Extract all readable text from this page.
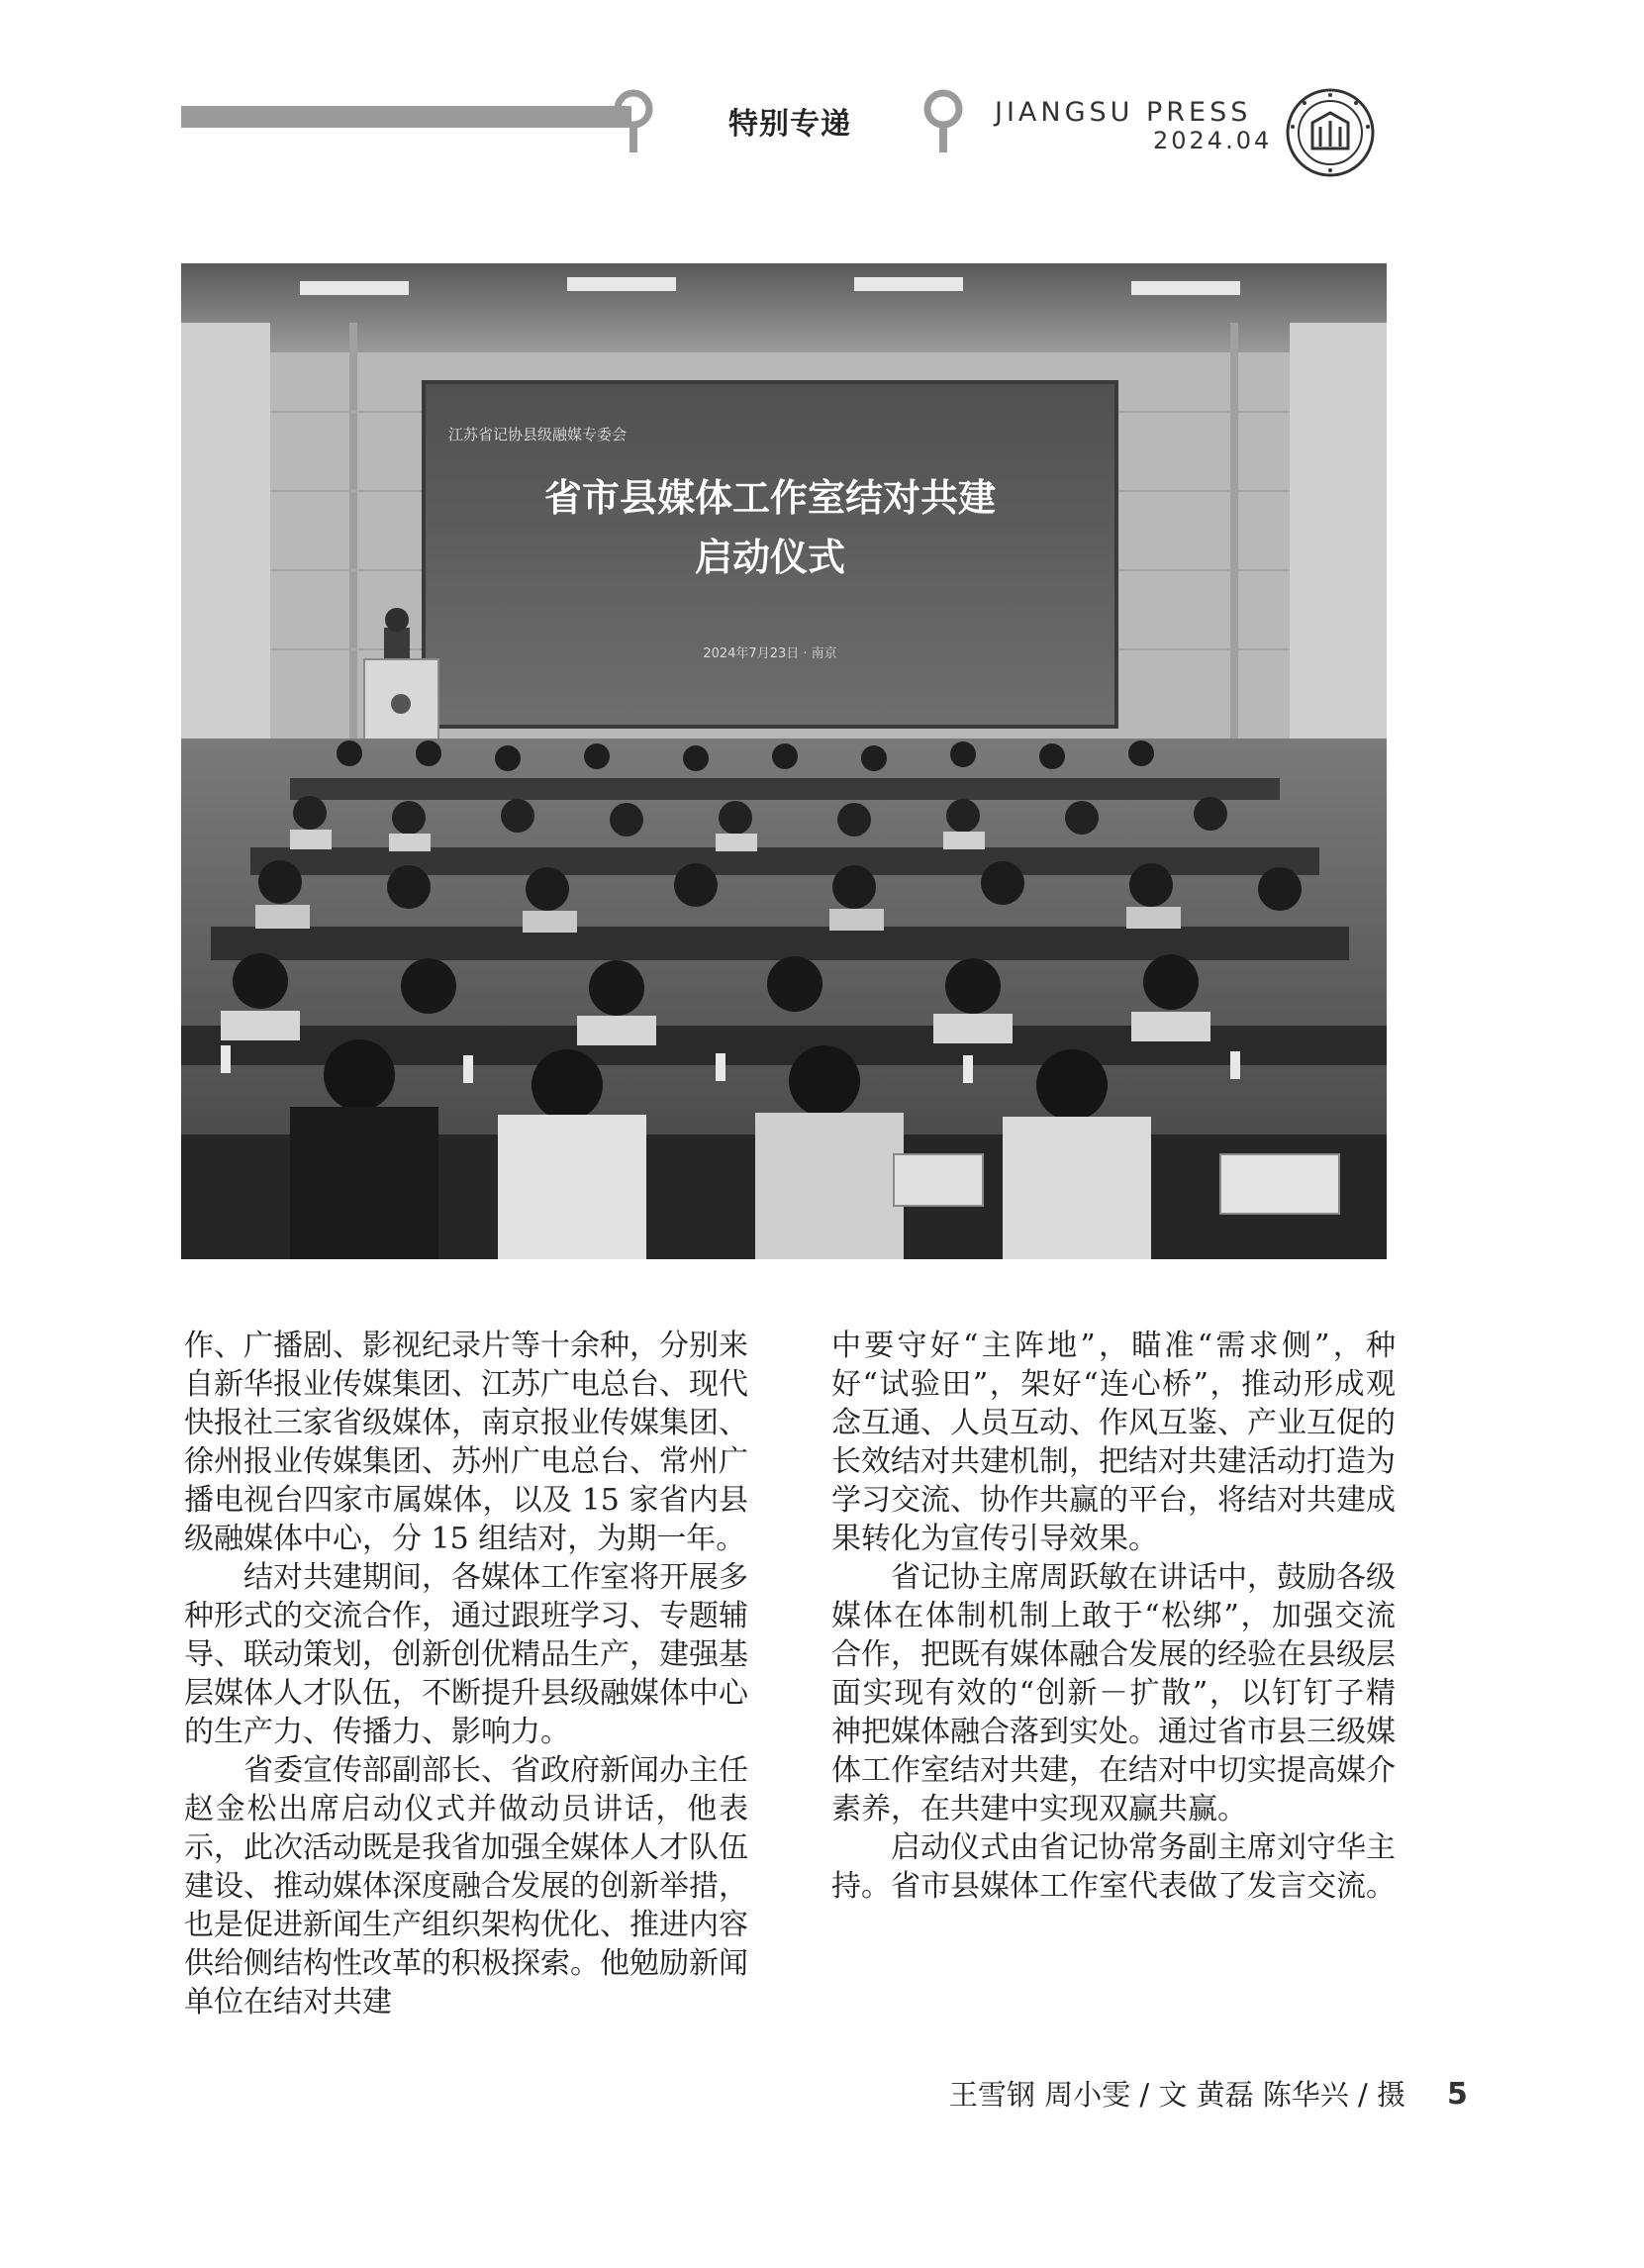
特别专递	JIANGSU PRESS
2024.04
江苏省记协县级融媒专委会
省市县媒体工作室结对共建
启动仪式
2024年7月23日 · 南京

作、广播剧、影视纪录片等十余种，分别来自新华报业传媒集团、江苏广电总台、现代快报社三家省级媒体，南京报业传媒集团、徐州报业传媒集团、苏州广电总台、常州广播电视台四家市属媒体，以及 15 家省内县级融媒体中心，分 15 组结对，为期一年。

结对共建期间，各媒体工作室将开展多种形式的交流合作，通过跟班学习、专题辅导、联动策划，创新创优精品生产，建强基层媒体人才队伍，不断提升县级融媒体中心的生产力、传播力、影响力。

省委宣传部副部长、省政府新闻办主任赵金松出席启动仪式并做动员讲话，他表示，此次活动既是我省加强全媒体人才队伍建设、推动媒体深度融合发展的创新举措，也是促进新闻生产组织架构优化、推进内容供给侧结构性改革的积极探索。他勉励新闻单位在结对共建

中要守好“主阵地”，瞄准“需求侧”，种好“试验田”，架好“连心桥”，推动形成观念互通、人员互动、作风互鉴、产业互促的长效结对共建机制，把结对共建活动打造为学习交流、协作共赢的平台，将结对共建成果转化为宣传引导效果。

省记协主席周跃敏在讲话中，鼓励各级媒体在体制机制上敢于“松绑”，加强交流合作，把既有媒体融合发展的经验在县级层面实现有效的“创新－扩散”，以钉钉子精神把媒体融合落到实处。通过省市县三级媒体工作室结对共建，在结对中切实提高媒介素养，在共建中实现双赢共赢。

启动仪式由省记协常务副主席刘守华主持。省市县媒体工作室代表做了发言交流。

王雪钢 周小雯 / 文 黄磊 陈华兴 / 摄 5
